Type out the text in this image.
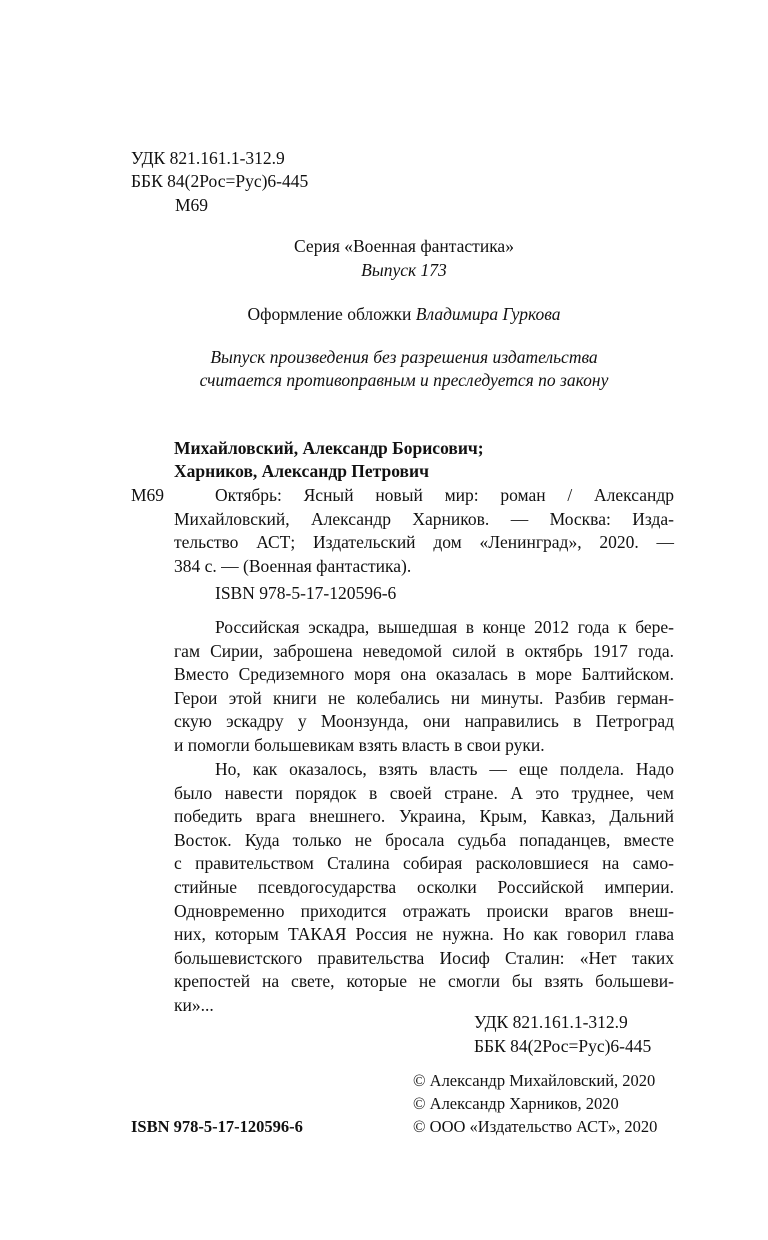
УДК 821.161.1-312.9
ББК 84(2Рос=Рус)6-445
М69
Серия «Военная фантастика»
Выпуск 173
Оформление обложки Владимира Гуркова
Выпуск произведения без разрешения издательства
считается противоправным и преследуется по закону
Михайловский, Александр Борисович;
Харников, Александр Петрович
М69	Октябрь: Ясный новый мир: роман / Александр

Михайловский, Александр Харников. — Москва: Изда-

тельство АСТ; Издательский дом «Ленинград», 2020. —

384 с. — (Военная фантастика).

ISBN 978-5-17-120596-6

Российская эскадра, вышедшая в конце 2012 года к бере-

гам Сирии, заброшена неведомой силой в октябрь 1917 года.

Вместо Средиземного моря она оказалась в море Балтийском.

Герои этой книги не колебались ни минуты. Разбив герман-

скую эскадру у Моонзунда, они направились в Петроград

и помогли большевикам взять власть в свои руки.

Но, как оказалось, взять власть — еще полдела. Надо

было навести порядок в своей стране. А это труднее, чем

победить врага внешнего. Украина, Крым, Кавказ, Дальний

Восток. Куда только не бросала судьба попаданцев, вместе

с правительством Сталина собирая расколовшиеся на само-

стийные псевдогосударства осколки Российской империи.

Одновременно приходится отражать происки врагов внеш-

них, которым ТАКАЯ Россия не нужна. Но как говорил глава

большевистского правительства Иосиф Сталин: «Нет таких

крепостей на свете, которые не смогли бы взять большеви-

ки»...

УДК 821.161.1-312.9
ББК 84(2Рос=Рус)6-445
© Александр Михайловский, 2020
© Александр Харников, 2020
© ООО «Издательство АСТ», 2020
ISBN 978-5-17-120596-6
